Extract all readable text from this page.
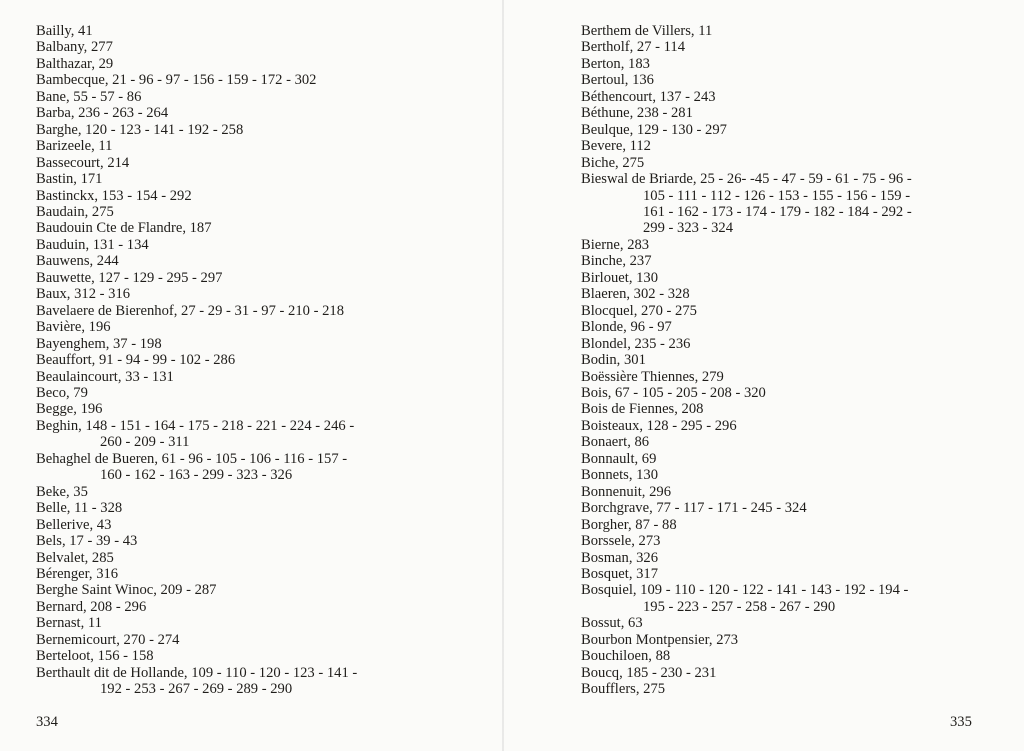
Bailly, 41
Balbany, 277
Balthazar, 29
Bambecque, 21 - 96 - 97 - 156 - 159 - 172 - 302
Bane, 55 - 57 - 86
Barba, 236 - 263 - 264
Barghe, 120 - 123 - 141 - 192 - 258
Barizeele, 11
Bassecourt, 214
Bastin, 171
Bastinckx, 153 - 154 - 292
Baudain, 275
Baudouin Cte de Flandre, 187
Bauduin, 131 - 134
Bauwens, 244
Bauwette, 127 - 129 - 295 - 297
Baux, 312 - 316
Bavelaere de Bierenhof, 27 - 29 - 31 - 97 - 210 - 218
Bavière, 196
Bayenghem, 37 - 198
Beauffort, 91 - 94 - 99 - 102 - 286
Beaulaincourt, 33 - 131
Beco, 79
Begge, 196
Beghin, 148 - 151 - 164 - 175 - 218 - 221 - 224 - 246 -
260 - 209 - 311
Behaghel de Bueren, 61 - 96 - 105 - 106 - 116 - 157 -
160 - 162 - 163 - 299 - 323 - 326
Beke, 35
Belle, 11 - 328
Bellerive, 43
Bels, 17 - 39 - 43
Belvalet, 285
Bérenger, 316
Berghe Saint Winoc, 209 - 287
Bernard, 208 - 296
Bernast, 11
Bernemicourt, 270 - 274
Berteloot, 156 - 158
Berthault dit de Hollande, 109 - 110 - 120 - 123 - 141 -
192 - 253 - 267 - 269 - 289 - 290
334
Berthem de Villers, 11
Bertholf, 27 - 114
Berton, 183
Bertoul, 136
Béthencourt, 137 - 243
Béthune, 238 - 281
Beulque, 129 - 130 - 297
Bevere, 112
Biche, 275
Bieswal de Briarde, 25 - 26- -45 - 47 - 59 - 61 - 75 - 96 -
105 - 111 - 112 - 126 - 153 - 155 - 156 - 159 -
161 - 162 - 173 - 174 - 179 - 182 - 184 - 292 -
299 - 323 - 324
Bierne, 283
Binche, 237
Birlouet, 130
Blaeren, 302 - 328
Blocquel, 270 - 275
Blonde, 96 - 97
Blondel, 235 - 236
Bodin, 301
Boëssière Thiennes, 279
Bois, 67 - 105 - 205 - 208 - 320
Bois de Fiennes, 208
Boisteaux, 128 - 295 - 296
Bonaert, 86
Bonnault, 69
Bonnets, 130
Bonnenuit, 296
Borchgrave, 77 - 117 - 171 - 245 - 324
Borgher, 87 - 88
Borssele, 273
Bosman, 326
Bosquet, 317
Bosquiel, 109 - 110 - 120 - 122 - 141 - 143 - 192 - 194 -
195 - 223 - 257 - 258 - 267 - 290
Bossut, 63
Bourbon Montpensier, 273
Bouchiloen, 88
Boucq, 185 - 230 - 231
Boufflers, 275
335
